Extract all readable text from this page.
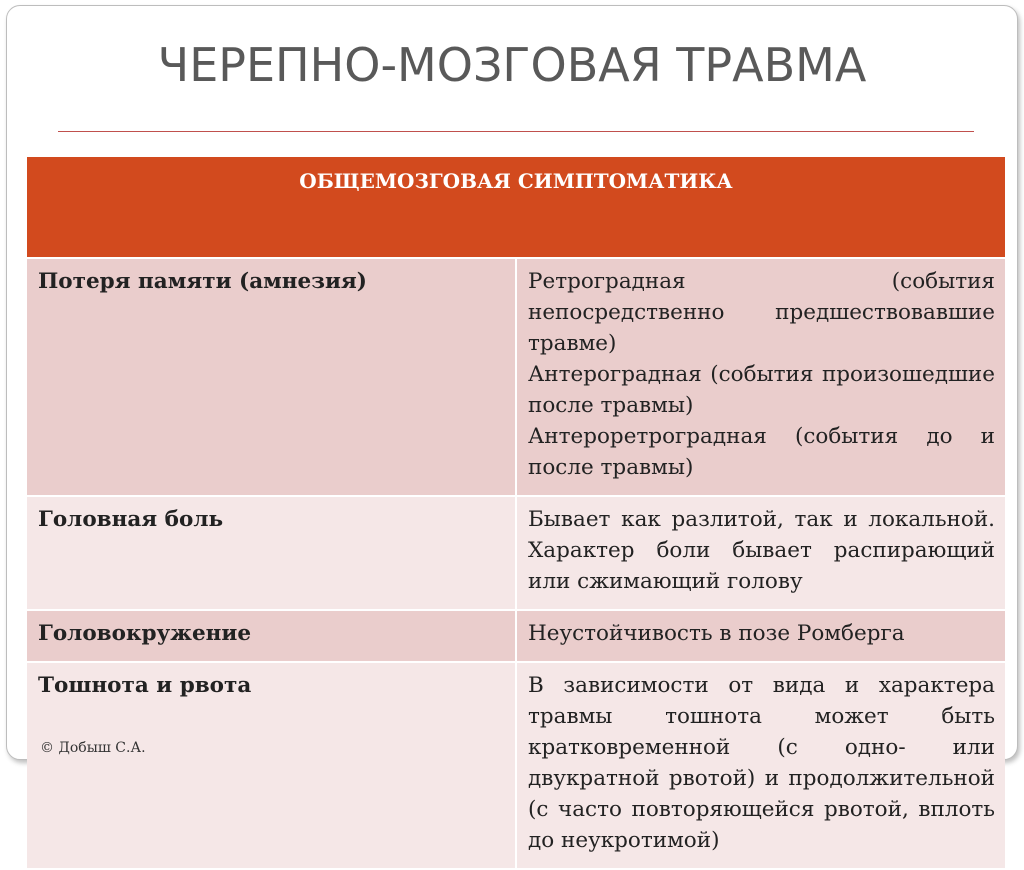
ЧЕРЕПНО-МОЗГОВАЯ ТРАВМА
ОБЩЕМОЗГОВАЯ СИМПТОМАТИКА	
Потеря памяти (амнезия)	Ретроградная (события непосредственно предшествовавшие травме)
Антероградная (события произошедшие после травмы)
Антероретроградная (события до и после травмы)

Головная боль	Бывает как разлитой, так и локальной. Характер боли бывает распирающий или сжимающий голову

Головокружение	Неустойчивость в позе Ромберга

Тошнота и рвота	В зависимости от вида и характера травмы тошнота может быть кратковременной (с одно- или двукратной рвотой) и продолжительной (с часто повторяющейся рвотой, вплоть до неукротимой)
© Добыш С.А.
